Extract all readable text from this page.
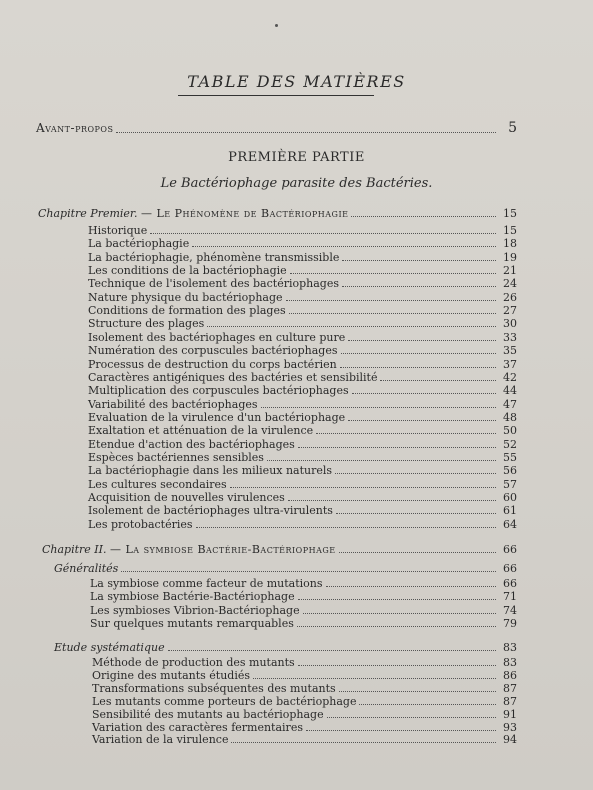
TABLE DES MATIÈRES
Avant-propos	5
PREMIÈRE PARTIE
Le Bactériophage parasite des Bactéries.
Chapitre Premier. — Le Phénomène de Bactériophagie	15
Historique	15
La bactériophagie	18
La bactériophagie, phénomène transmissible	19
Les conditions de la bactériophagie	21
Technique de l'isolement des bactériophages	24
Nature physique du bactériophage	26
Conditions de formation des plages	27
Structure des plages	30
Isolement des bactériophages en culture pure	33
Numération des corpuscules bactériophages	35
Processus de destruction du corps bactérien	37
Caractères antigéniques des bactéries et sensibilité	42
Multiplication des corpuscules bactériophages	44
Variabilité des bactériophages	47
Evaluation de la virulence d'un bactériophage	48
Exaltation et atténuation de la virulence	50
Etendue d'action des bactériophages	52
Espèces bactériennes sensibles	55
La bactériophagie dans les milieux naturels	56
Les cultures secondaires	57
Acquisition de nouvelles virulences	60
Isolement de bactériophages ultra-virulents	61
Les protobactéries	64
Chapitre II. — La symbiose Bactérie-Bactériophage	66
Généralités	66
La symbiose comme facteur de mutations	66
La symbiose Bactérie-Bactériophage	71
Les symbioses Vibrion-Bactériophage	74
Sur quelques mutants remarquables	79
Etude systématique	83
Méthode de production des mutants	83
Origine des mutants étudiés	86
Transformations subséquentes des mutants	87
Les mutants comme porteurs de bactériophage	87
Sensibilité des mutants au bactériophage	91
Variation des caractères fermentaires	93
Variation de la virulence	94
